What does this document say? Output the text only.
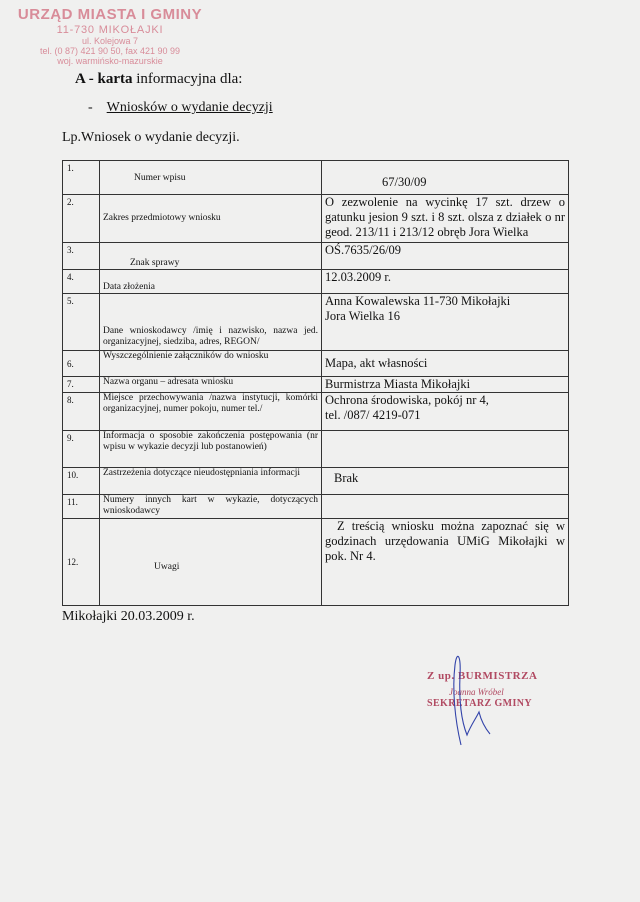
URZĄD MIASTA I GMINY
11-730 MIKOŁAJKI
ul. Kolejowa 7
tel. (0 87) 421 90 50, fax 421 90 99
woj. warmińsko-mazurskie
A - karta informacyjna dla:
- Wniosków o wydanie decyzji
Lp.Wniosek o wydanie decyzji.
1.	Numer wpisu	67/30/09
2.	Zakres przedmiotowy wniosku	O zezwolenie na wycinkę 17 szt. drzew o gatunku jesion 9 szt. i 8 szt. olsza z działek o nr geod. 213/11 i 213/12 obręb Jora Wielka
3.	Znak sprawy	OŚ.7635/26/09
4.	Data złożenia	12.03.2009 r.
5.	Dane wnioskodawcy /imię i nazwisko, nazwa jed. organizacyjnej, siedziba, adres, REGON/	Anna Kowalewska 11-730 Mikołajki
Jora Wielka 16

6.	Wyszczególnienie załączników do wniosku	Mapa, akt własności
7.	Nazwa organu – adresata wniosku	Burmistrza Miasta Mikołajki
8.	Miejsce przechowywania /nazwa instytucji, komórki organizacyjnej, numer pokoju, numer tel./	Ochrona środowiska, pokój nr 4,
tel. /087/ 4219-071

9.	Informacja o sposobie zakończenia postępowania (nr wpisu w wykazie decyzji lub postanowień)	
10.	Zastrzeżenia dotyczące nieudostępniania informacji	Brak
11.	Numery innych kart w wykazie, dotyczących wnioskodawcy	
12.	Uwagi	Z treścią wniosku można zapoznać się w godzinach urzędowania UMiG Mikołajki w pok. Nr 4.
Mikołajki 20.03.2009 r.
Z up. BURMISTRZA
Joanna Wróbel
SEKRETARZ GMINY
